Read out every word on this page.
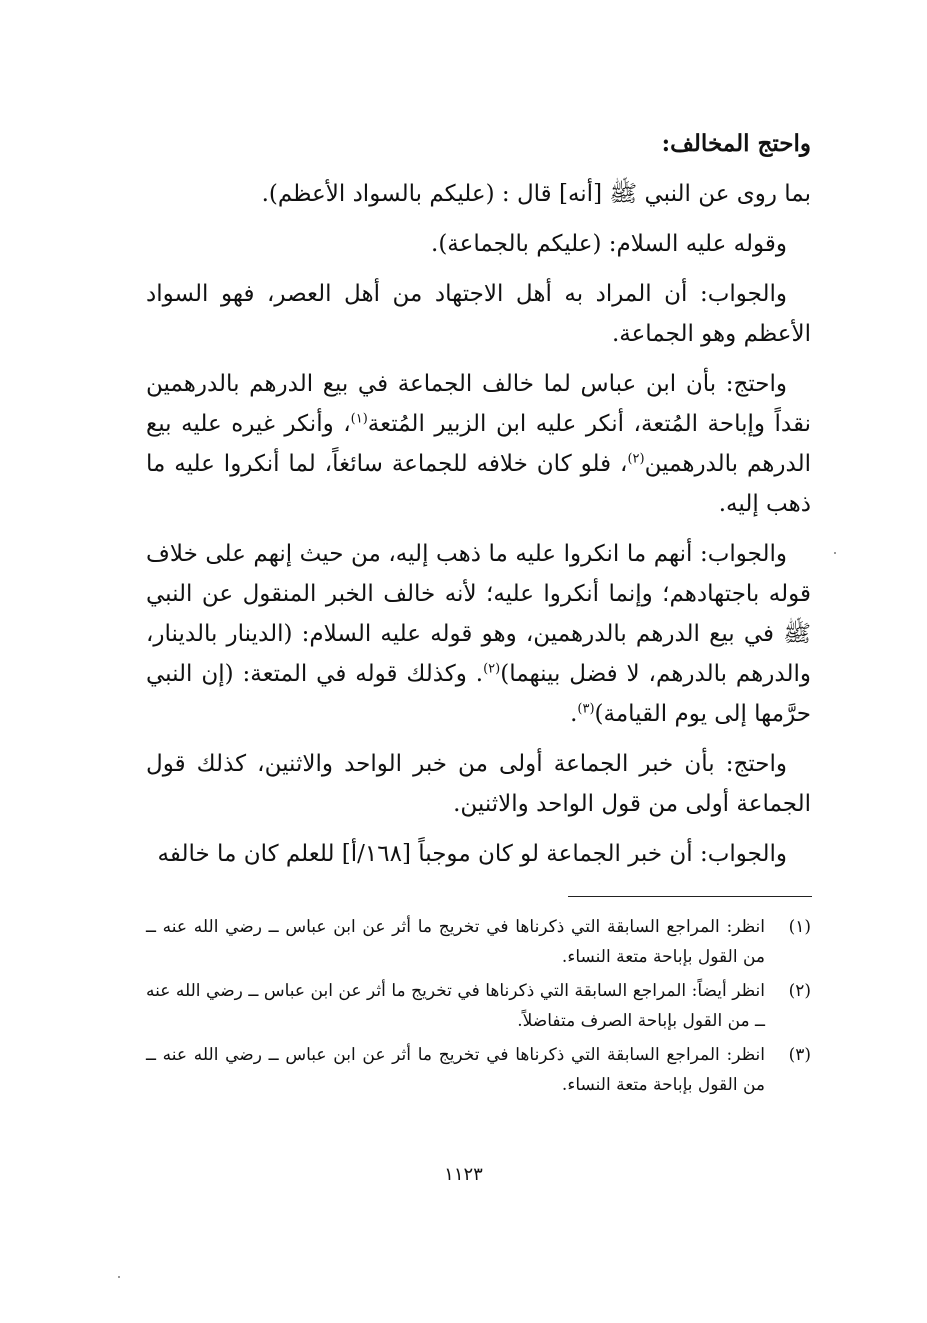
واحتج المخالف:

بما روى عن النبي ﷺ [أنه] قال : (عليكم بالسواد الأعظم).

وقوله عليه السلام: (عليكم بالجماعة).

والجواب: أن المراد به أهل الاجتهاد من أهل العصر، فهو السواد الأعظم وهو الجماعة.

واحتج: بأن ابن عباس لما خالف الجماعة في بيع الدرهم بالدرهمين نقداً وإباحة المُتعة، أنكر عليه ابن الزبير المُتعة$^{(١)}$، وأنكر غيره عليه بيع الدرهم بالدرهمين$^{(٢)}$، فلو كان خلافه للجماعة سائغاً، لما أنكروا عليه ما ذهب إليه.

والجواب: أنهم ما انكروا عليه ما ذهب إليه، من حيث إنهم على خلاف قوله باجتهادهم؛ وإنما أنكروا عليه؛ لأنه خالف الخبر المنقول عن النبي ﷺ في بيع الدرهم بالدرهمين، وهو قوله عليه السلام: (الدينار بالدينار، والدرهم بالدرهم، لا فضل بينهما)$^{(٢)}$. وكذلك قوله في المتعة: (إن النبي حرَّمها إلى يوم القيامة)$^{(٣)}$.

واحتج: بأن خبر الجماعة أولى من خبر الواحد والاثنين، كذلك قول الجماعة أولى من قول الواحد والاثنين.

والجواب: أن خبر الجماعة لو كان موجباً [١٦٨/أ] للعلم كان ما خالفه

(١)
انظر: المراجع السابقة التي ذكرناها في تخريج ما أثر عن ابن عباس ــ رضي الله عنه ــ من القول بإباحة متعة النساء.
(٢)
انظر أيضاً: المراجع السابقة التي ذكرناها في تخريج ما أثر عن ابن عباس ــ رضي الله عنه ــ من القول بإباحة الصرف متفاضلاً.
(٣)
انظر: المراجع السابقة التي ذكرناها في تخريج ما أثر عن ابن عباس ــ رضي الله عنه ــ من القول بإباحة متعة النساء.
١١٢٣
